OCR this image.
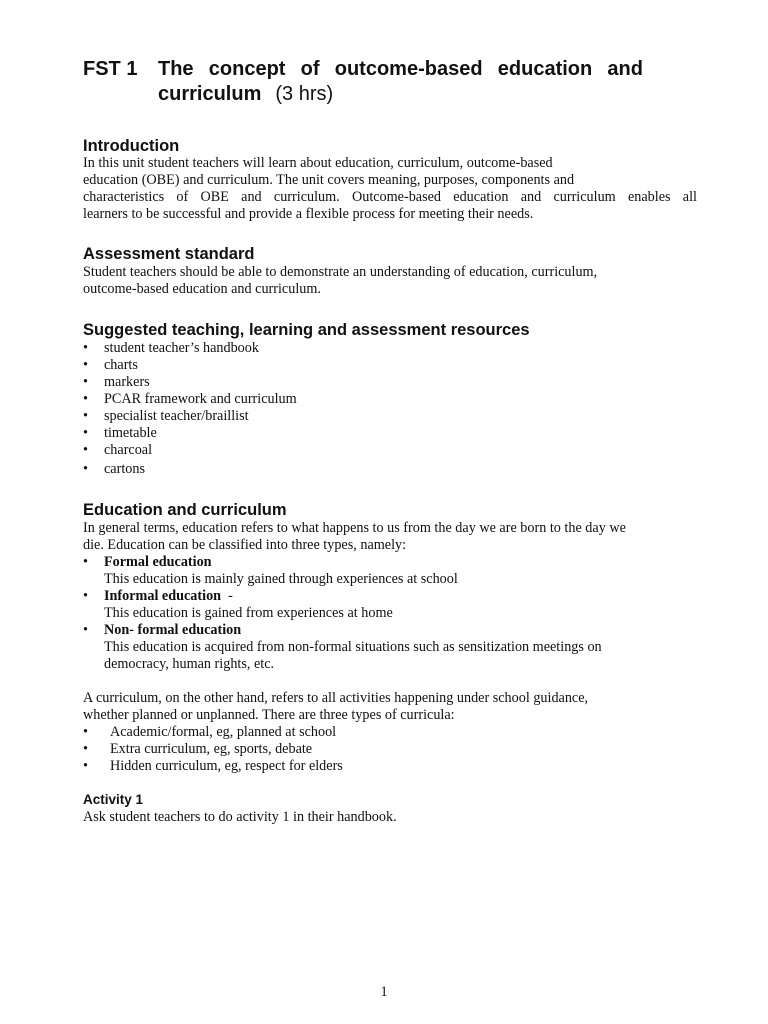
FST 1 The concept of outcome-based education and
curriculum (3 hrs)
Introduction
In this unit student teachers will learn about education, curriculum, outcome-based
education (OBE) and curriculum. The unit covers meaning, purposes, components and
characteristics of OBE and curriculum. Outcome-based education and curriculum enables all
learners to be successful and provide a flexible process for meeting their needs.
Assessment standard
Student teachers should be able to demonstrate an understanding of education, curriculum,
outcome-based education and curriculum.
Suggested teaching, learning and assessment resources
• student teacher’s handbook
• charts
• markers
• PCAR framework and curriculum
• specialist teacher/braillist
• timetable
• charcoal
• cartons
Education and curriculum
In general terms, education refers to what happens to us from the day we are born to the day we
die. Education can be classified into three types, namely:
• Formal education
This education is mainly gained through experiences at school
• Informal education  -
This education is gained from experiences at home
• Non- formal education
This education is acquired from non-formal situations such as sensitization meetings on
democracy, human rights, etc.
A curriculum, on the other hand, refers to all activities happening under school guidance,
whether planned or unplanned. There are three types of curricula:
• Academic/formal, eg, planned at school
• Extra curriculum, eg, sports, debate
• Hidden curriculum, eg, respect for elders
Activity 1
Ask student teachers to do activity 1 in their handbook.
1
